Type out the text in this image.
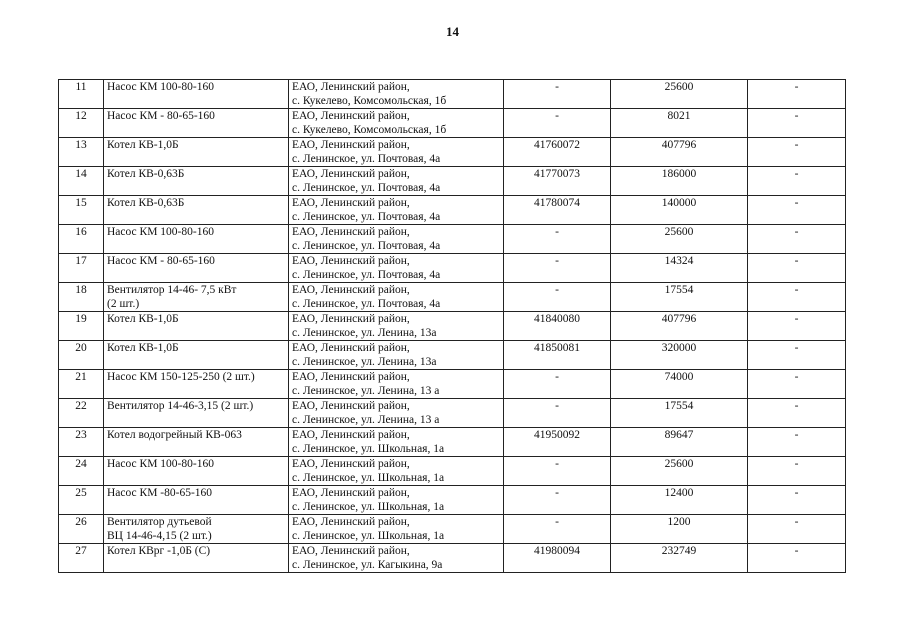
14
11	Насос КМ 100-80-160	ЕАО, Ленинский район,
с. Кукелево, Комсомольская, 1б	-	25600	-
12	Насос КМ - 80-65-160	ЕАО, Ленинский район,
с. Кукелево, Комсомольская, 1б	-	8021	-
13	Котел КВ-1,0Б	ЕАО, Ленинский район,
с. Ленинское, ул. Почтовая, 4а	41760072	407796	-
14	Котел КВ-0,63Б	ЕАО, Ленинский район,
с. Ленинское, ул. Почтовая, 4а	41770073	186000	-
15	Котел КВ-0,63Б	ЕАО, Ленинский район,
с. Ленинское, ул. Почтовая, 4а	41780074	140000	-
16	Насос КМ 100-80-160	ЕАО, Ленинский район,
с. Ленинское, ул. Почтовая, 4а	-	25600	-
17	Насос КМ - 80-65-160	ЕАО, Ленинский район,
с. Ленинское, ул. Почтовая, 4а	-	14324	-
18	Вентилятор 14-46- 7,5 кВт
(2 шт.)	ЕАО, Ленинский район,
с. Ленинское, ул. Почтовая, 4а	-	17554	-
19	Котел КВ-1,0Б	ЕАО, Ленинский район,
с. Ленинское, ул. Ленина, 13а	41840080	407796	-
20	Котел КВ-1,0Б	ЕАО, Ленинский район,
с. Ленинское, ул. Ленина, 13а	41850081	320000	-
21	Насос КМ 150-125-250 (2 шт.)	ЕАО, Ленинский район,
с. Ленинское, ул. Ленина, 13 а	-	74000	-
22	Вентилятор 14-46-3,15 (2 шт.)	ЕАО, Ленинский район,
с. Ленинское, ул. Ленина, 13 а	-	17554	-
23	Котел водогрейный КВ-063	ЕАО, Ленинский район,
с. Ленинское, ул. Школьная, 1а	41950092	89647	-
24	Насос КМ 100-80-160	ЕАО, Ленинский район,
с. Ленинское, ул. Школьная, 1а	-	25600	-
25	Насос КМ -80-65-160	ЕАО, Ленинский район,
с. Ленинское, ул. Школьная, 1а	-	12400	-
26	Вентилятор дутьевой
ВЦ 14-46-4,15 (2 шт.)	ЕАО, Ленинский район,
с. Ленинское, ул. Школьная, 1а	-	1200	-
27	Котел КВрг -1,0Б (С)	ЕАО, Ленинский район,
с. Ленинское, ул. Кагыкина, 9а	41980094	232749	-
